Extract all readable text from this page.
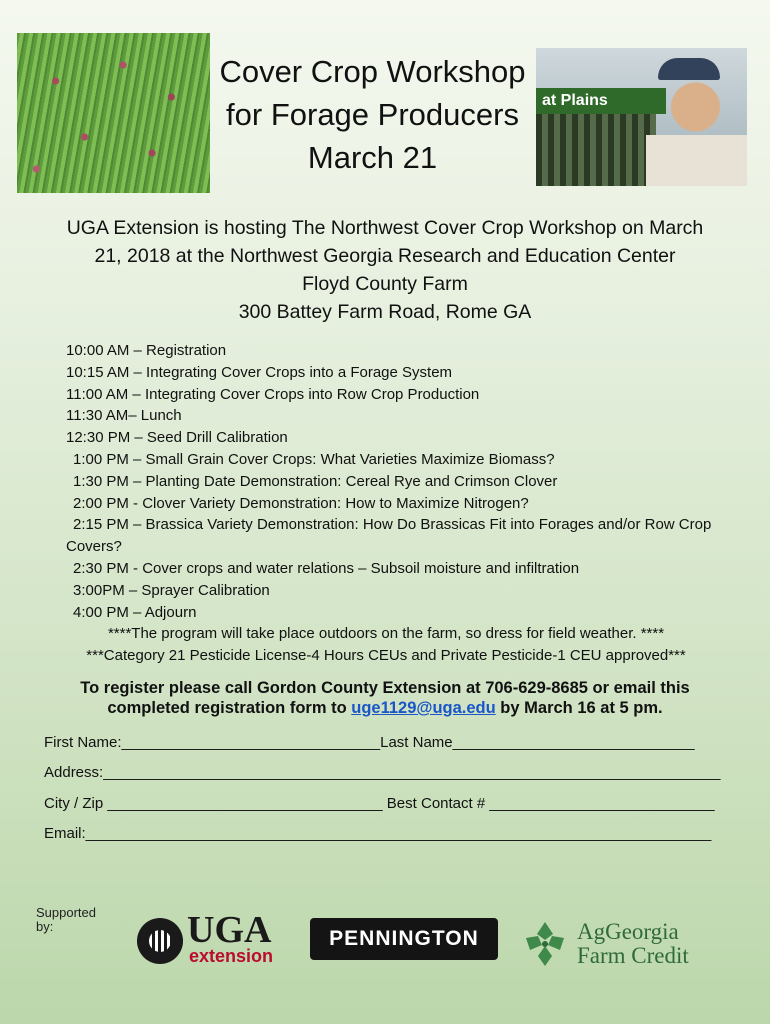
at Plains
Cover Crop Workshop
for Forage Producers
March 21
UGA Extension is hosting The Northwest Cover Crop Workshop on March
21, 2018 at the Northwest Georgia Research and Education Center
Floyd County Farm
300 Battey Farm Road, Rome GA
10:00 AM – Registration
10:15 AM – Integrating Cover Crops into a Forage System
11:00 AM – Integrating Cover Crops into Row Crop Production
11:30 AM– Lunch
12:30 PM – Seed Drill Calibration
1:00 PM – Small Grain Cover Crops: What Varieties Maximize Biomass?
1:30 PM – Planting Date Demonstration: Cereal Rye and Crimson Clover
2:00 PM - Clover Variety Demonstration: How to Maximize Nitrogen?
2:15 PM – Brassica Variety Demonstration: How Do Brassicas Fit into Forages and/or Row Crop Covers?
2:30 PM - Cover crops and water relations – Subsoil moisture and infiltration
3:00PM – Sprayer Calibration
4:00 PM – Adjourn
****The program will take place outdoors on the farm, so dress for field weather. ****
***Category 21 Pesticide License-4 Hours CEUs and Private Pesticide-1 CEU approved***
To register please call Gordon County Extension at 706-629-8685 or email this
completed registration form to uge1129@uga.edu by March 16 at 5 pm.
First Name:_______________________________Last Name_____________________________
Address:__________________________________________________________________________
City / Zip _________________________________ Best Contact # ___________________________
Email:___________________________________________________________________________
Supported by:	UGA
extension
PENNINGTON	AgGeorgia
Farm Credit
